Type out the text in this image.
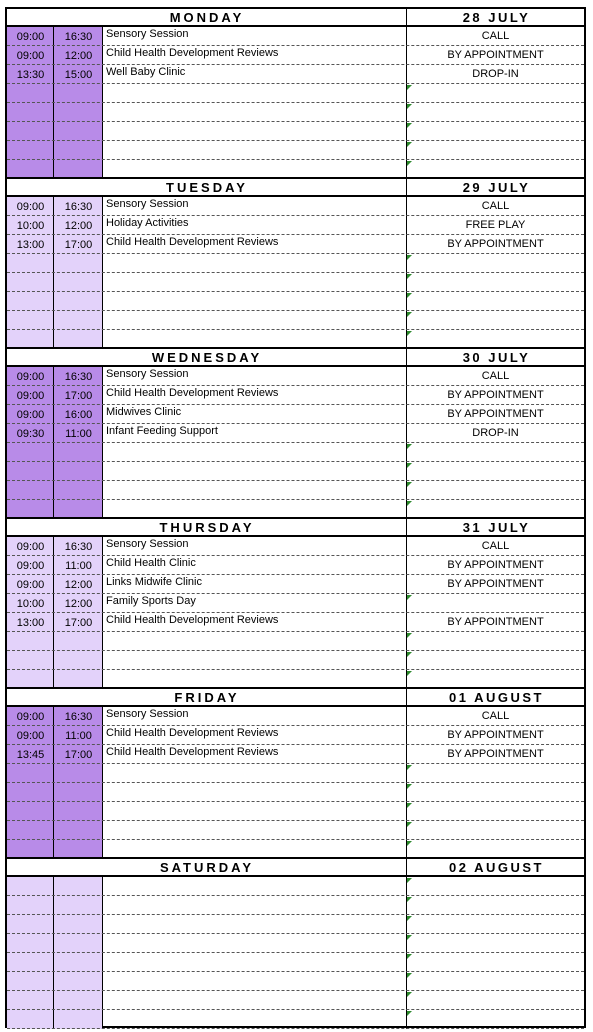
MONDAY	28 JULY
09:00	16:30	Sensory Session	CALL
09:00	12:00	Child Health Development Reviews	BY APPOINTMENT
13:30	15:00	Well Baby Clinic	DROP-IN
TUESDAY	29 JULY
09:00	16:30	Sensory Session	CALL
10:00	12:00	Holiday Activities	FREE PLAY
13:00	17:00	Child Health Development Reviews	BY APPOINTMENT
WEDNESDAY	30 JULY
09:00	16:30	Sensory Session	CALL
09:00	17:00	Child Health Development Reviews	BY APPOINTMENT
09:00	16:00	Midwives Clinic	BY APPOINTMENT
09:30	11:00	Infant Feeding Support	DROP-IN
THURSDAY	31 JULY
09:00	16:30	Sensory Session	CALL
09:00	11:00	Child Health Clinic	BY APPOINTMENT
09:00	12:00	Links Midwife Clinic	BY APPOINTMENT
10:00	12:00	Family Sports Day
13:00	17:00	Child Health Development Reviews	BY APPOINTMENT
FRIDAY	01 AUGUST
09:00	16:30	Sensory Session	CALL
09:00	11:00	Child Health Development Reviews	BY APPOINTMENT
13:45	17:00	Child Health Development Reviews	BY APPOINTMENT
SATURDAY	02 AUGUST
